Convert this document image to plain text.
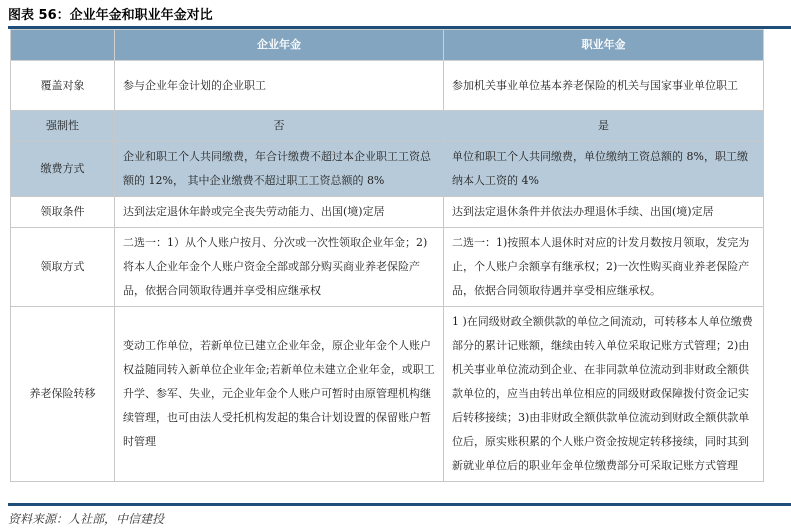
图表 56：企业年金和职业年金对比
	企业年金	职业年金
覆盖对象	参与企业年金计划的企业职工	参加机关事业单位基本养老保险的机关与国家事业单位职工
强制性	否	是
缴费方式	企业和职工个人共同缴费，年合计缴费不超过本企业职工工资总额的 12%， 其中企业缴费不超过职工工资总额的 8%	单位和职工个人共同缴费，单位缴纳工资总额的 8%，职工缴纳本人工资的 4%
领取条件	达到法定退休年龄或完全丧失劳动能力、出国(境)定居	达到法定退休条件并依法办理退休手续、出国(境)定居
领取方式	二选一：1）从个人账户按月、分次或一次性领取企业年金；2)将本人企业年金个人账户资金全部或部分购买商业养老保险产品，依据合同领取待遇并享受相应继承权	二选一：1)按照本人退休时对应的计发月数按月领取，发完为止，个人账户余额享有继承权；2)一次性购买商业养老保险产品，依据合同领取待遇并享受相应继承权。
养老保险转移	变动工作单位，若新单位已建立企业年金，原企业年金个人账户权益随同转入新单位企业年金;若新单位未建立企业年金，或职工升学、参军、失业，元企业年金个人账户可暂时由原管理机构继续管理，也可由法人受托机构发起的集合计划设置的保留账户暂时管理	1 )在同级财政全额供款的单位之间流动，可转移本人单位缴费部分的累计记账额，继续由转入单位采取记账方式管理；2)由机关事业单位流动到企业、在非同款单位流动到非财政全额供款单位的，应当由转出单位相应的同级财政保障拨付资金记实后转移接续；3)由非财政全额供款单位流动到财政全额供款单位后，原实账积累的个人账户资金按规定转移接续，同时其到新就业单位后的职业年金单位缴费部分可采取记账方式管理
资料来源：人社部，中信建投
